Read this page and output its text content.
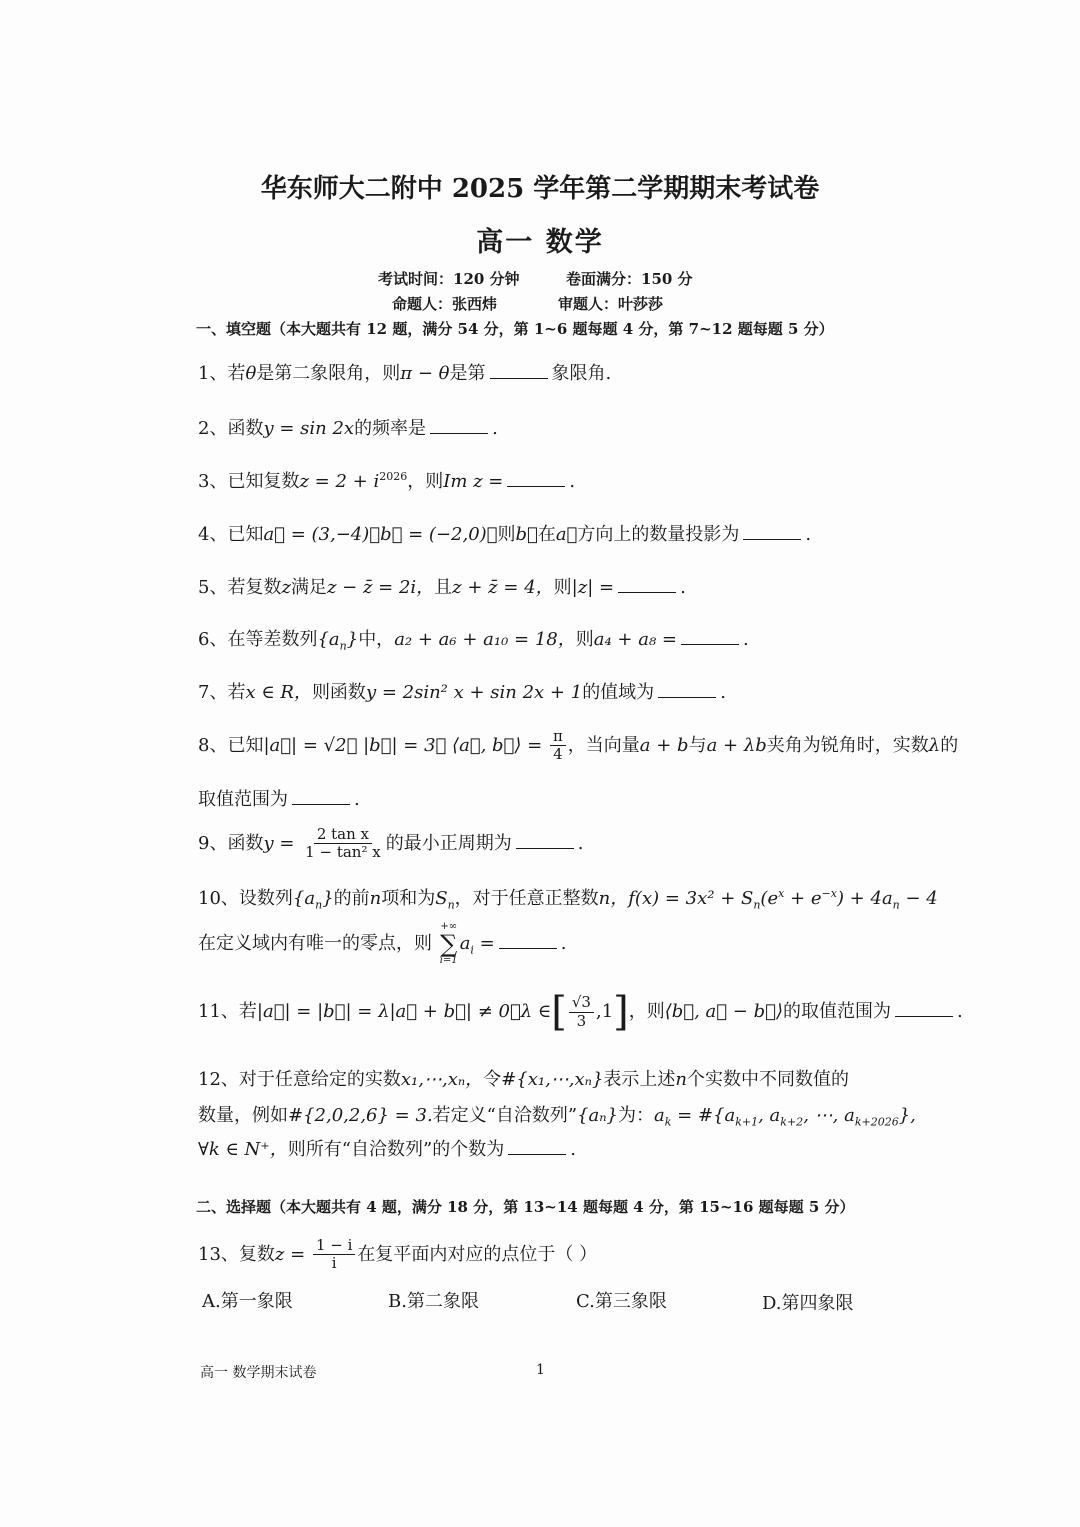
华东师大二附中 2025 学年第二学期期末考试卷
高一 数学
考试时间：120 分钟	卷面满分：150 分
命题人：张西炜	审题人：叶莎莎
一、填空题（本大题共有 12 题，满分 54 分，第 1~6 题每题 4 分，第 7~12 题每题 5 分）
1、若θ是第二象限角，则π − θ是第	象限角.
2、函数y = sin 2x的频率是	.
3、已知复数$z = 2 + i^{2026}$，则Im z =	.
4、已知a⃗ = (3,−4)，b⃗ = (−2,0)，则b⃗在a⃗方向上的数量投影为	.
5、若复数z满足z − z̄ = 2i，且z + z̄ = 4，则|z| =	.
6、在等差数列$\{a_n\}$中，a₂ + a₆ + a₁₀ = 18，则a₄ + a₈ =	.
7、若x ∈ R，则函数y = 2sin² x + sin 2x + 1的值域为	.
8、已知|a⃗| = √2， |b⃗| = 3， ⟨a⃗, b⃗⟩ = $\frac{\pi}{4}$ ，当向量a + b与a + λb夹角为锐角时，实数λ的
取值范围为	.
9、函数$y = \frac{\text{2 tan x}}{\text{1 − tan² x}}$ 的最小正周期为	.
10、设数列$\{a_n\}$的前n项和为$S_n$，对于任意正整数n，$f(x) = 3x^2 + S_n(e^x + e^{-x}) + 4a_n - 4$
在定义域内有唯一的零点，则
+∞
∑
i=1
$a_i$ =	.
11、若|a⃗| = |b⃗| = λ|a⃗ + b⃗| ≠ 0，λ ∈[ $\frac{√3}{3} ,1$]，则⟨b⃗, a⃗ − b⃗⟩的取值范围为	.
12、对于任意给定的实数x₁,⋯,xₙ，令#{x₁,⋯,xₙ}表示上述n个实数中不同数值的
数量，例如#{2,0,2,6} = 3.若定义“自洽数列”{aₙ}为：$a_k$ = $\#\{a_{k+1}$, $a_{k+2}$, ⋯, $a_{k+2026}$},
∀k ∈ N⁺，则所有“自洽数列”的个数为	.
二、选择题（本大题共有 4 题，满分 18 分，第 13~14 题每题 4 分，第 15~16 题每题 5 分）
13、复数$z = \frac{1 - i}{i}$ 在复平面内对应的点位于（ ）
A.第一象限	B.第二象限	C.第三象限	D.第四象限
高一 数学期末试卷	1
